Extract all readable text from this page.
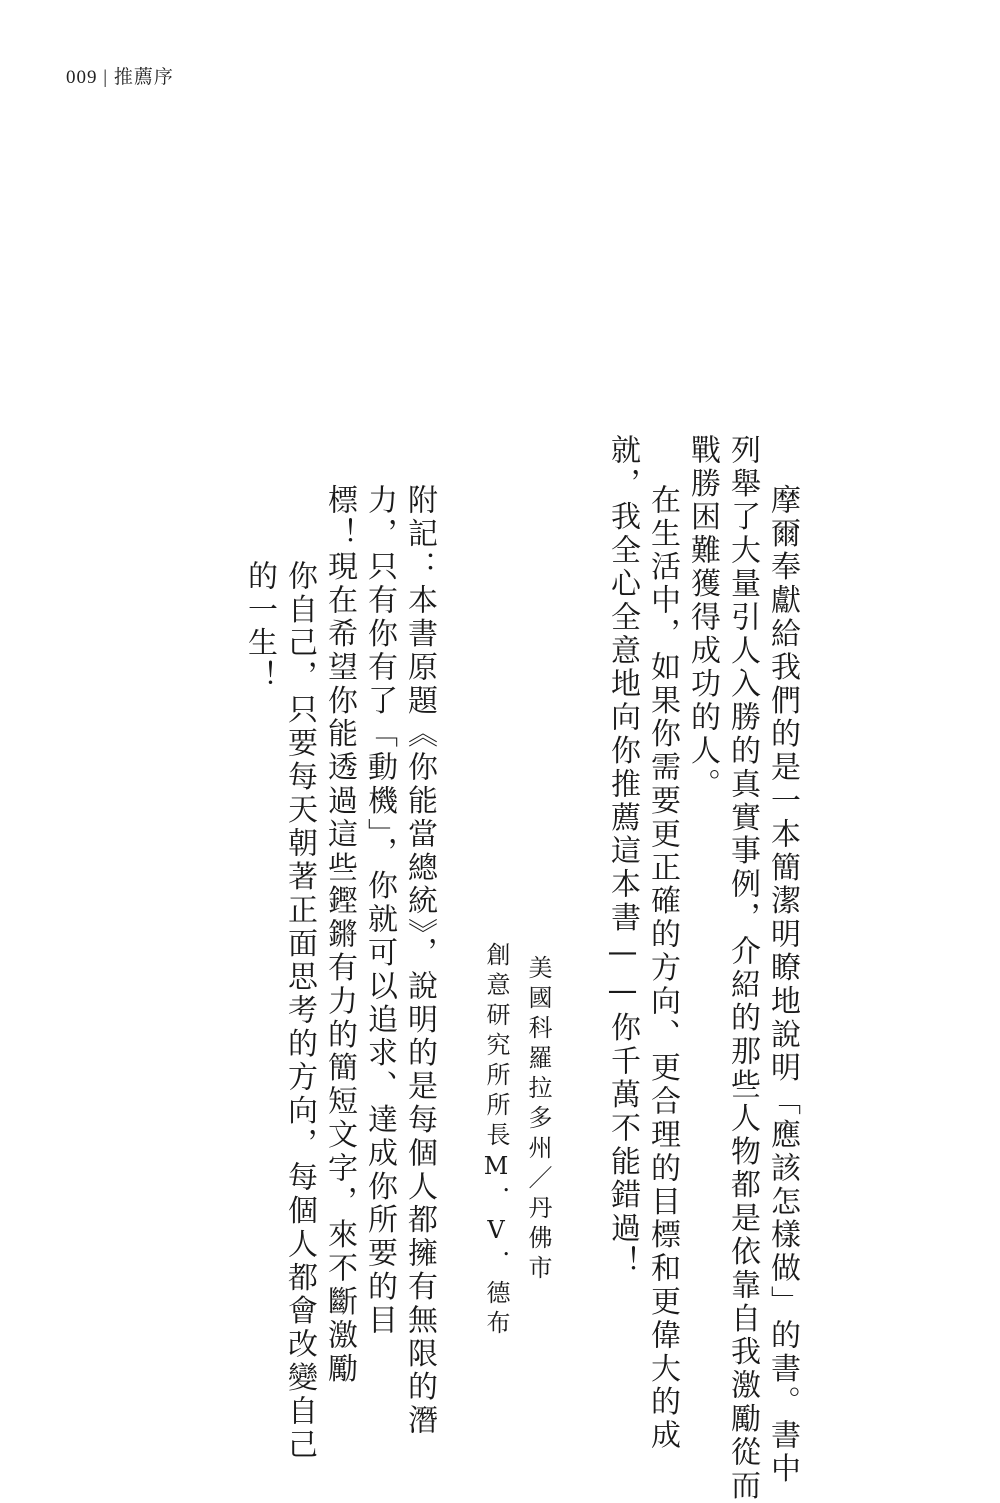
009 | 推薦序
摩爾奉獻給我們的是一本簡潔明瞭地說明「應該怎樣做」的書。書中
列舉了大量引人入勝的真實事例，介紹的那些人物都是依靠自我激勵從而
戰勝困難獲得成功的人。
在生活中，如果你需要更正確的方向、更合理的目標和更偉大的成
就，我全心全意地向你推薦這本書——你千萬不能錯過！
美國科羅拉多州／丹佛市
創意研究所所長M．V．德布
附記：本書原題《你能當總統》，說明的是每個人都擁有無限的潛
力，只有你有了「動機」，你就可以追求、達成你所要的目
標！現在希望你能透過這些鏗鏘有力的簡短文字，來不斷激勵
你自己，只要每天朝著正面思考的方向，每個人都會改變自己
的一生！
